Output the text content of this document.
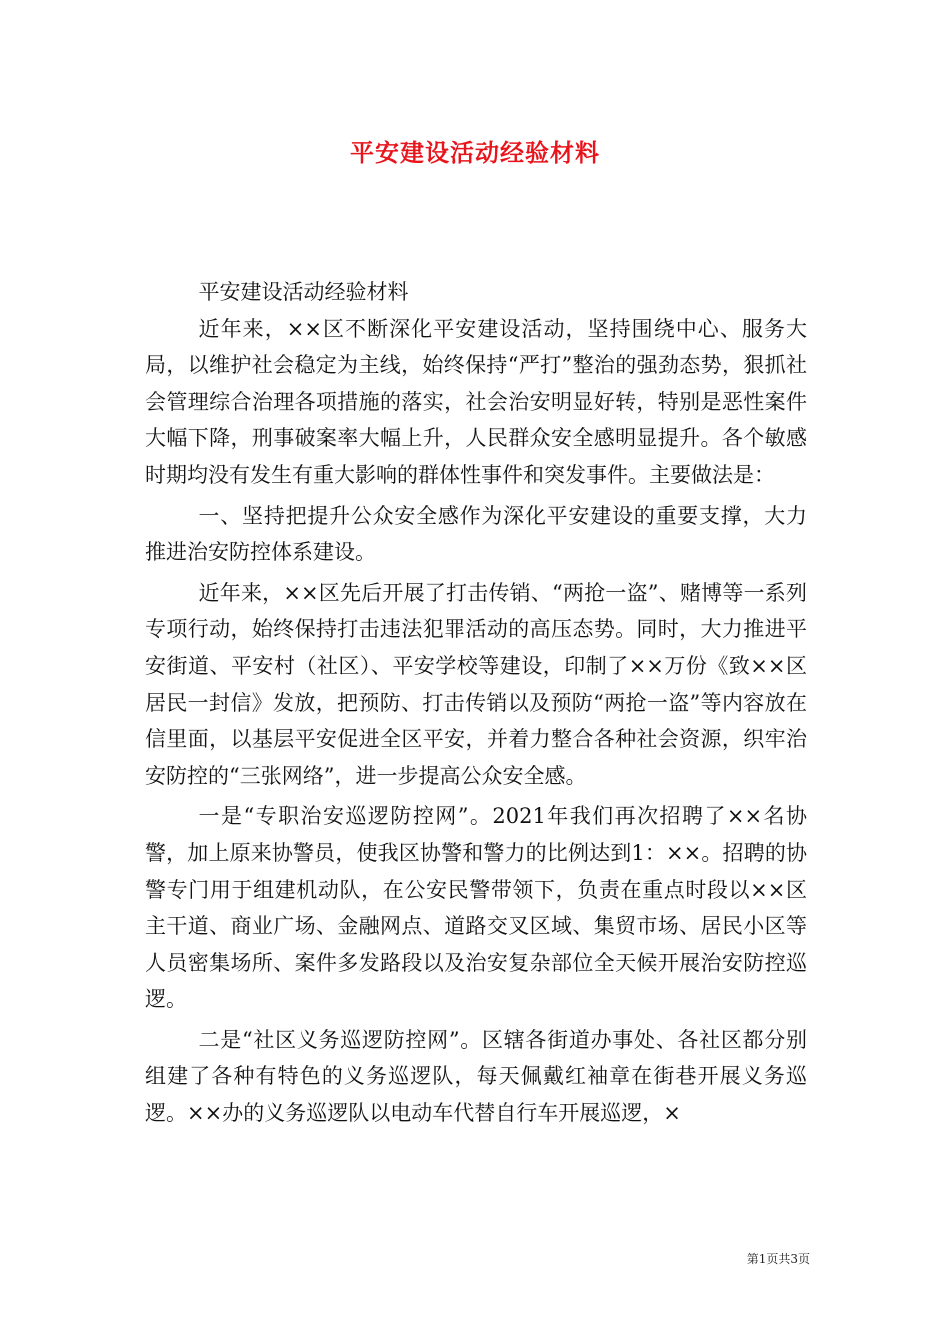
平安建设活动经验材料

平安建设活动经验材料

近年来，××区不断深化平安建设活动，坚持围绕中心、服务大局，以维护社会稳定为主线，始终保持“严打”整治的强劲态势，狠抓社会管理综合治理各项措施的落实，社会治安明显好转，特别是恶性案件大幅下降，刑事破案率大幅上升，人民群众安全感明显提升。各个敏感时期均没有发生有重大影响的群体性事件和突发事件。主要做法是：

一、坚持把提升公众安全感作为深化平安建设的重要支撑，大力推进治安防控体系建设。

近年来，××区先后开展了打击传销、“两抢一盗”、赌博等一系列专项行动，始终保持打击违法犯罪活动的高压态势。同时，大力推进平安街道、平安村（社区）、平安学校等建设，印制了××万份《致××区居民一封信》发放，把预防、打击传销以及预防“两抢一盗”等内容放在信里面，以基层平安促进全区平安，并着力整合各种社会资源，织牢治安防控的“三张网络”，进一步提高公众安全感。

一是“专职治安巡逻防控网”。2021年我们再次招聘了××名协警，加上原来协警员，使我区协警和警力的比例达到1：××。招聘的协警专门用于组建机动队，在公安民警带领下，负责在重点时段以××区主干道、商业广场、金融网点、道路交叉区域、集贸市场、居民小区等人员密集场所、案件多发路段以及治安复杂部位全天候开展治安防控巡逻。

二是“社区义务巡逻防控网”。区辖各街道办事处、各社区都分别组建了各种有特色的义务巡逻队，每天佩戴红袖章在街巷开展义务巡逻。××办的义务巡逻队以电动车代替自行车开展巡逻，×

第1页共3页
